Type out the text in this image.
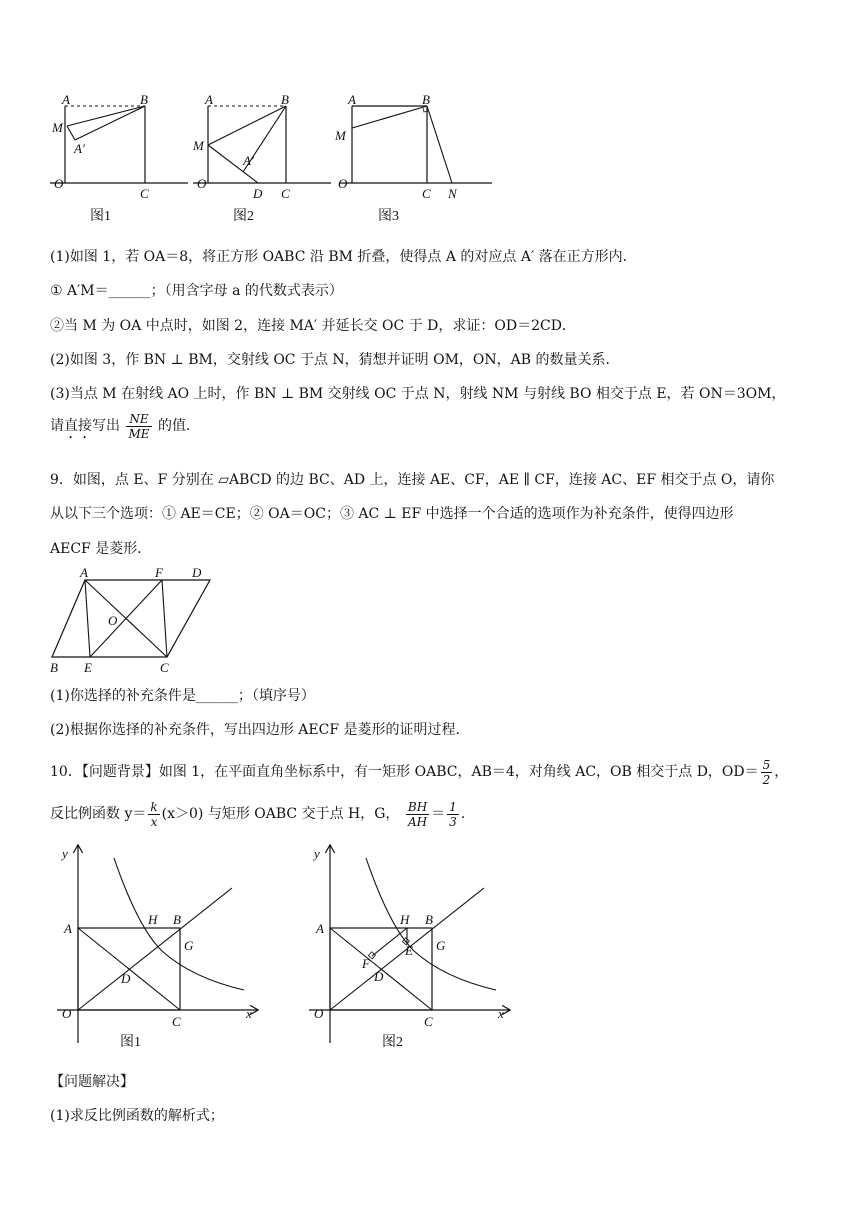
A	B
M
A′
O
C
图1
A	B
M
A′
O
D C
图2
A	B
M
O
C N
图3
(1)如图 1，若 OA＝8，将正方形 OABC 沿 BM 折叠，使得点 A 的对应点 A′ 落在正方形内．
① A′M＝______；（用含字母 a 的代数式表示）
②当 M 为 OA 中点时，如图 2，连接 MA′ 并延长交 OC 于 D，求证：OD＝2CD．
(2)如图 3，作 BN ⊥ BM，交射线 OC 于点 N，猜想并证明 OM，ON，AB 的数量关系．
(3)当点 M 在射线 AO 上时，作 BN ⊥ BM 交射线 OC 于点 N，射线 NM 与射线 BO 相交于点 E，若 ON＝3OM，
请直接写出 $\frac{NE}{ME}$ 的值．
9．如图，点 E、F 分别在 ▱ABCD 的边 BC、AD 上，连接 AE、CF，AE ∥ CF，连接 AC、EF 相交于点 O，请你
从以下三个选项：① AE＝CE；② OA＝OC；③ AC ⊥ EF 中选择一个合适的选项作为补充条件，使得四边形
AECF 是菱形．
A	F D
O
B E	C
(1)你选择的补充条件是______；（填序号）
(2)根据你选择的补充条件，写出四边形 AECF 是菱形的证明过程．
10．【问题背景】如图 1，在平面直角坐标系中，有一矩形 OABC，AB＝4，对角线 AC，OB 相交于点 D，$OD= \frac{5}{2}$ ，
反比例函数 $y= \frac{k}{x} (x>0)$ 与矩形 OABC 交于点 H，G， $\frac{BH}{AH} = \frac{1}{3}$ ．
y
x
O
A
H B
G
D
C
图1
y
x
O
A
H B
G
E
F
D
C
图2
【问题解决】
(1)求反比例函数的解析式；
